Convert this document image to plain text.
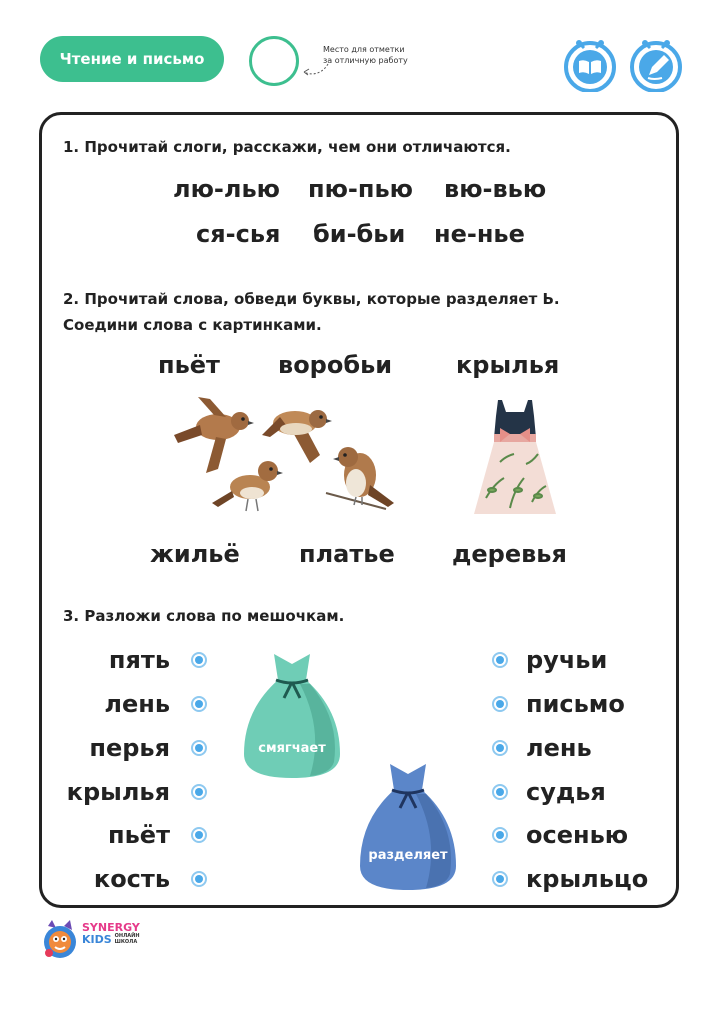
Чтение и письмо
Место для отметки
за отличную работу
1. Прочитай слоги, расскажи, чем они отличаются.
лю-лью пю-пью вю-вью
ся-сья би-бьи не-нье
2. Прочитай слова, обведи буквы, которые разделяет Ь.
Соедини слова с картинками.
пьёт воробьи	крылья
жильё платье деревья
3. Разложи слова по мешочкам.
пять
лень
перья
крылья
пьёт
кость
ручьи
письмо
лень
судья
осенью
крыльцо
смягчает
разделяет
SYNERGY
KIDS ОНЛАЙН
ШКОЛА
